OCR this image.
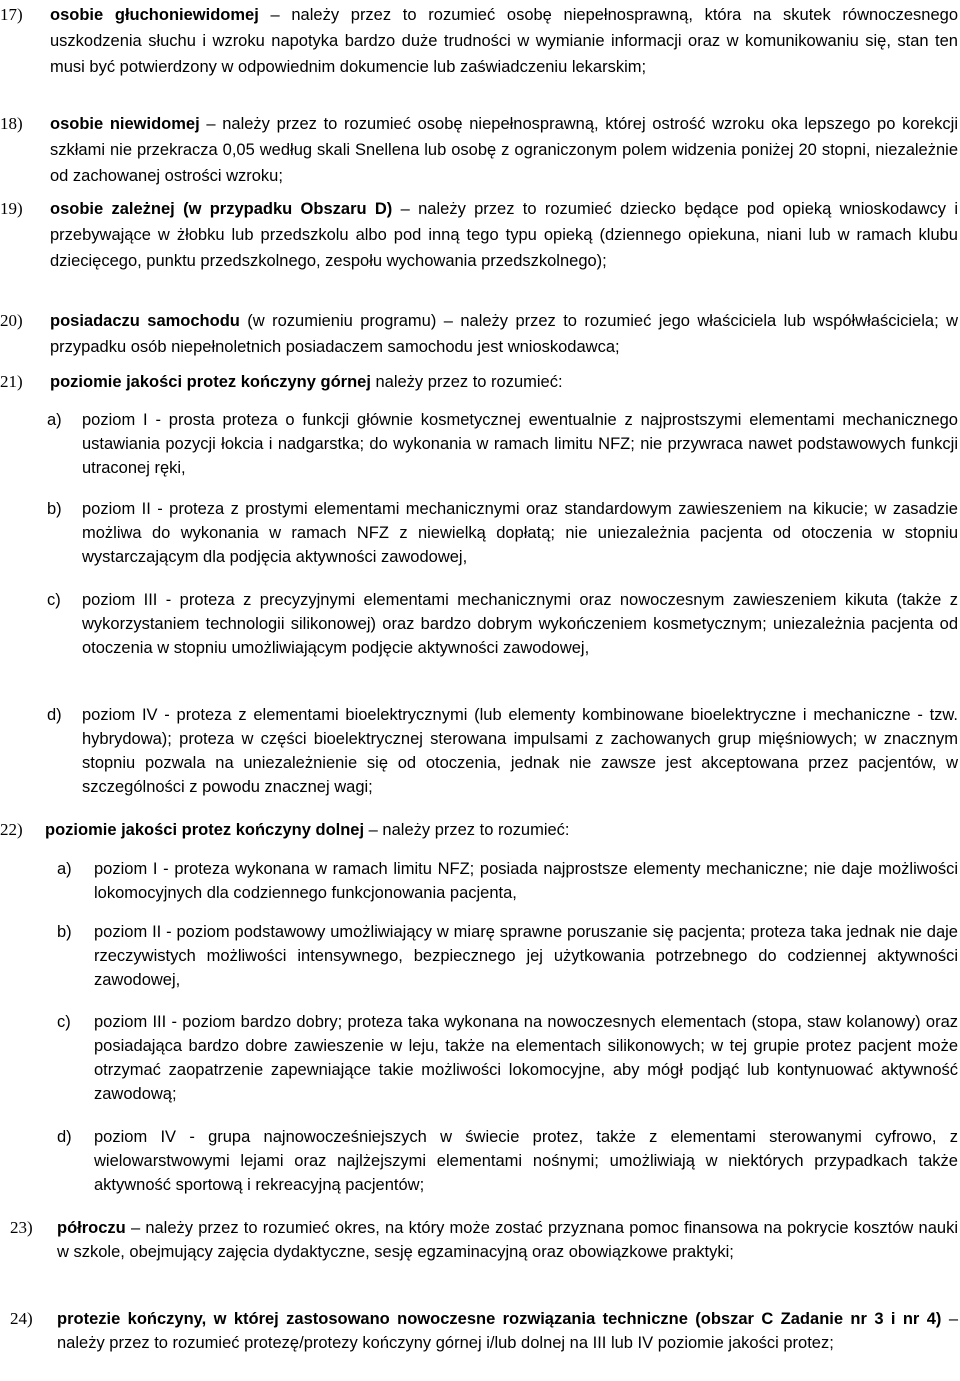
17) osobie głuchoniewidomej – należy przez to rozumieć osobę niepełnosprawną, która na skutek równoczesnego uszkodzenia słuchu i wzroku napotyka bardzo duże trudności w wymianie informacji oraz w komunikowaniu się, stan ten musi być potwierdzony w odpowiednim dokumencie lub zaświadczeniu lekarskim;
18) osobie niewidomej – należy przez to rozumieć osobę niepełnosprawną, której ostrość wzroku oka lepszego po korekcji szkłami nie przekracza 0,05 według skali Snellena lub osobę z ograniczonym polem widzenia poniżej 20 stopni, niezależnie od zachowanej ostrości wzroku;
19) osobie zależnej (w przypadku Obszaru D) – należy przez to rozumieć dziecko będące pod opieką wnioskodawcy i przebywające w żłobku lub przedszkolu albo pod inną tego typu opieką (dziennego opiekuna, niani lub w ramach klubu dziecięcego, punktu przedszkolnego, zespołu wychowania przedszkolnego);
20) posiadaczu samochodu (w rozumieniu programu) – należy przez to rozumieć jego właściciela lub współwłaściciela; w przypadku osób niepełnoletnich posiadaczem samochodu jest wnioskodawca;
21) poziomie jakości protez kończyny górnej należy przez to rozumieć:
a) poziom I - prosta proteza o funkcji głównie kosmetycznej ewentualnie z najprostszymi elementami mechanicznego ustawiania pozycji łokcia i nadgarstka; do wykonania w ramach limitu NFZ; nie przywraca nawet podstawowych funkcji utraconej ręki,
b) poziom II - proteza z prostymi elementami mechanicznymi oraz standardowym zawieszeniem na kikucie; w zasadzie możliwa do wykonania w ramach NFZ z niewielką dopłatą; nie uniezależnia pacjenta od otoczenia w stopniu wystarczającym dla podjęcia aktywności zawodowej,
c) poziom III - proteza z precyzyjnymi elementami mechanicznymi oraz nowoczesnym zawieszeniem kikuta (także z wykorzystaniem technologii silikonowej) oraz bardzo dobrym wykończeniem kosmetycznym; uniezależnia pacjenta od otoczenia w stopniu umożliwiającym podjęcie aktywności zawodowej,
d) poziom IV - proteza z elementami bioelektrycznymi (lub elementy kombinowane bioelektryczne i mechaniczne - tzw. hybrydowa); proteza w części bioelektrycznej sterowana impulsami z zachowanych grup mięśniowych; w znacznym stopniu pozwala na uniezależnienie się od otoczenia, jednak nie zawsze jest akceptowana przez pacjentów, w szczególności z powodu znacznej wagi;
22) poziomie jakości protez kończyny dolnej – należy przez to rozumieć:
a) poziom I - proteza wykonana w ramach limitu NFZ; posiada najprostsze elementy mechaniczne; nie daje możliwości lokomocyjnych dla codziennego funkcjonowania pacjenta,
b) poziom II - poziom podstawowy umożliwiający w miarę sprawne poruszanie się pacjenta; proteza taka jednak nie daje rzeczywistych możliwości intensywnego, bezpiecznego jej użytkowania potrzebnego do codziennej aktywności zawodowej,
c) poziom III - poziom bardzo dobry; proteza taka wykonana na nowoczesnych elementach (stopa, staw kolanowy) oraz posiadająca bardzo dobre zawieszenie w leju, także na elementach silikonowych; w tej grupie protez pacjent może otrzymać zaopatrzenie zapewniające takie możliwości lokomocyjne, aby mógł podjąć lub kontynuować aktywność zawodową;
d) poziom IV - grupa najnowocześniejszych w świecie protez, także z elementami sterowanymi cyfrowo, z wielowarstwowymi lejami oraz najlżejszymi elementami nośnymi; umożliwiają w niektórych przypadkach także aktywność sportową i rekreacyjną pacjentów;
23) półroczu – należy przez to rozumieć okres, na który może zostać przyznana pomoc finansowa na pokrycie kosztów nauki w szkole, obejmujący zajęcia dydaktyczne, sesję egzaminacyjną oraz obowiązkowe praktyki;
24) protezie kończyny, w której zastosowano nowoczesne rozwiązania techniczne (obszar C Zadanie nr 3 i nr 4) – należy przez to rozumieć protezę/protezy kończyny górnej i/lub dolnej na III lub IV poziomie jakości protez;
